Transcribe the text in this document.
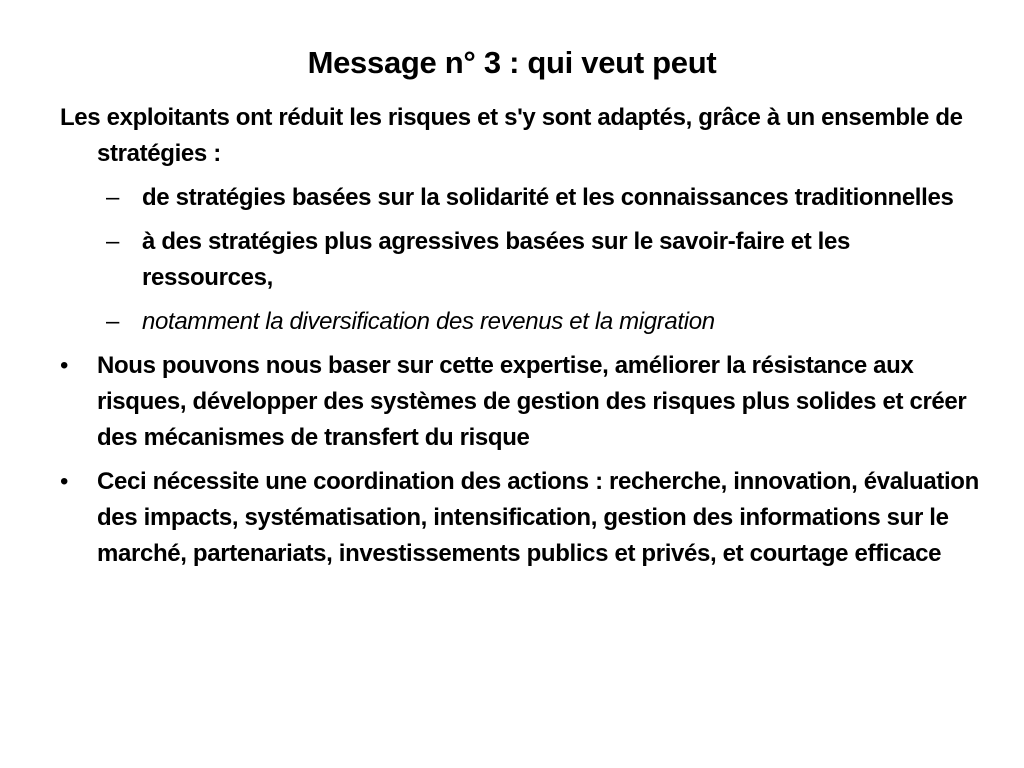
Message n° 3 : qui veut peut

Les exploitants ont réduit les risques et s'y sont adaptés, grâce à un ensemble de stratégies :

– de stratégies basées sur la solidarité et les connaissances traditionnelles
– à des stratégies plus agressives basées sur le savoir-faire et les ressources,
– notamment la diversification des revenus et la migration
• Nous pouvons nous baser sur cette expertise, améliorer la résistance aux risques, développer des systèmes de gestion des risques plus solides et créer des mécanismes de transfert du risque
• Ceci nécessite une coordination des actions : recherche, innovation, évaluation des impacts, systématisation, intensification, gestion des informations sur le marché, partenariats, investissements publics et privés, et courtage efficace
